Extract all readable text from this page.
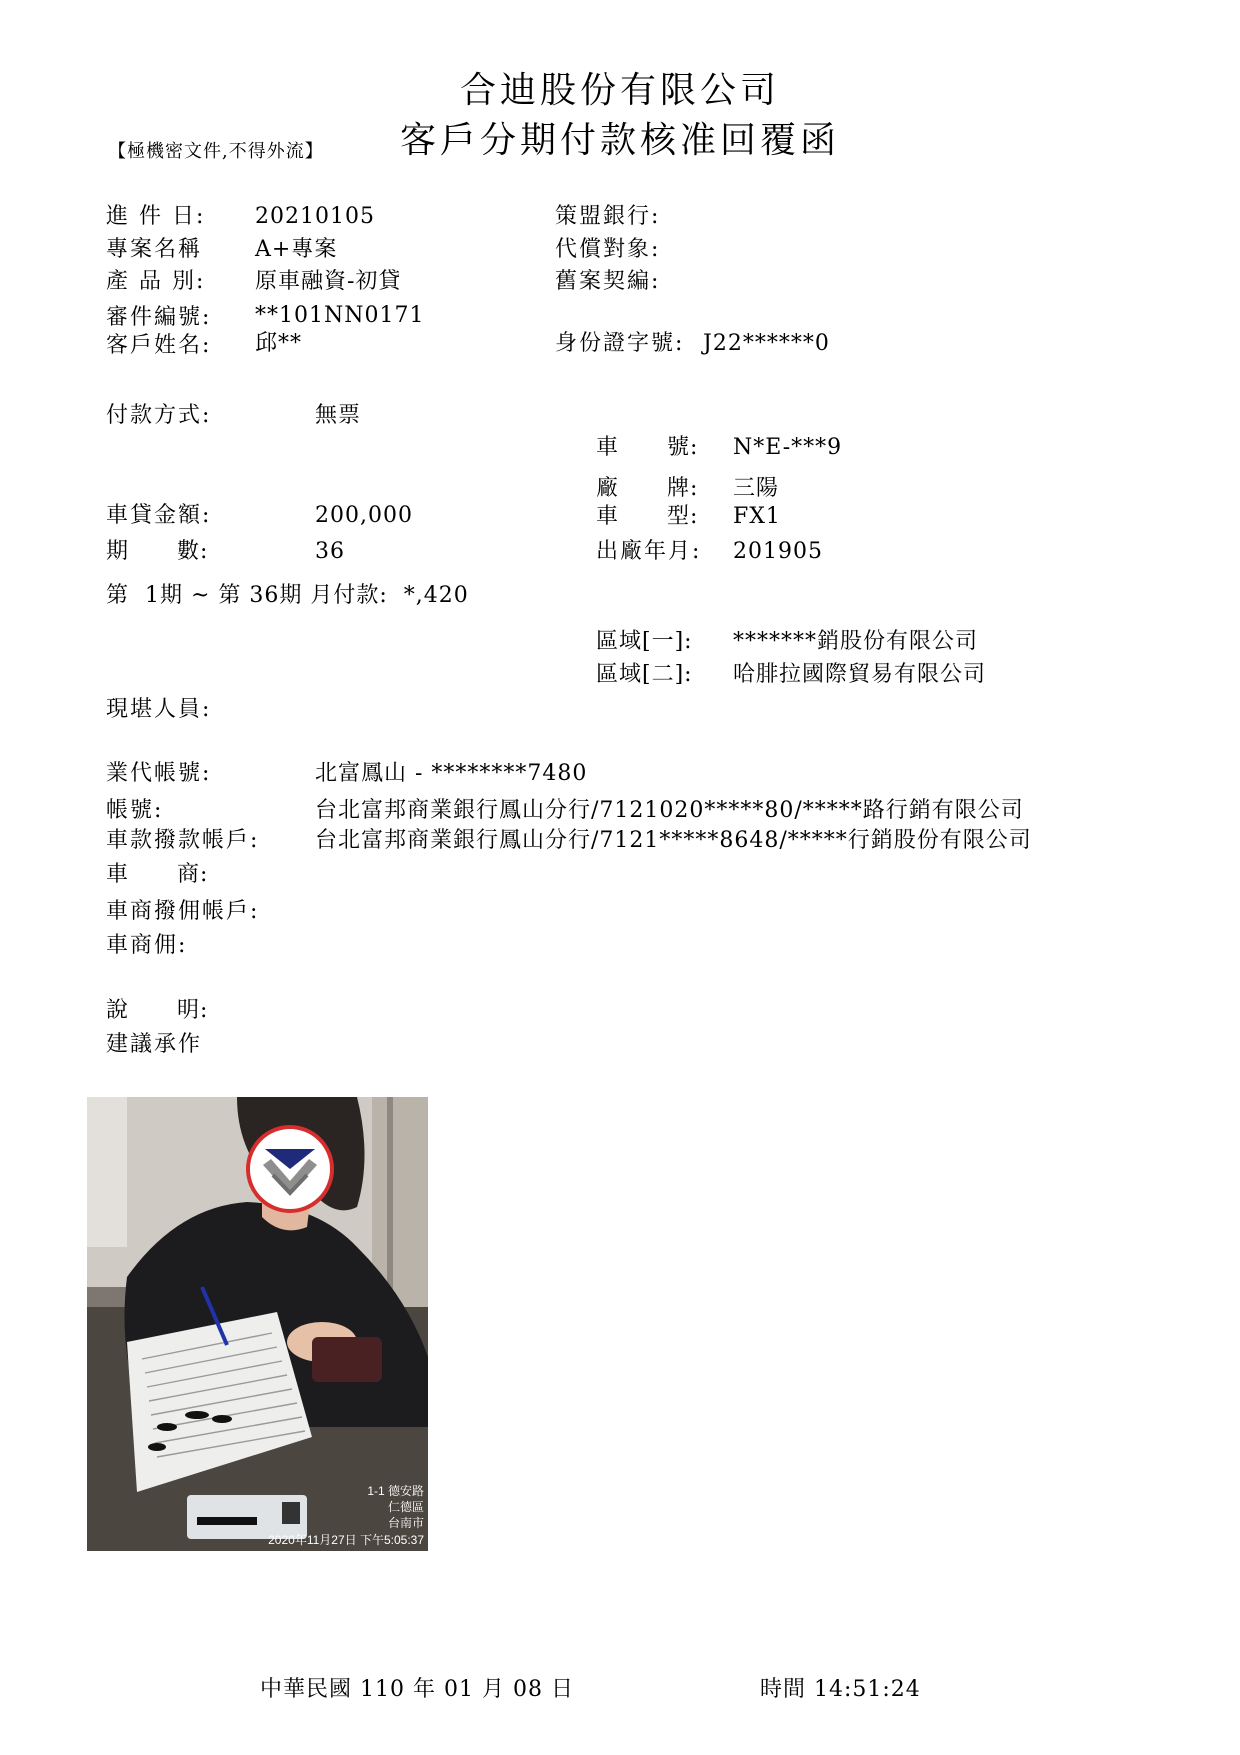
合迪股份有限公司
客戶分期付款核准回覆函
【極機密文件,不得外流】
進 件 日: 20210105
專案名稱 A+專案
產 品 別: 原車融資-初貸
審件編號: **101NN0171
客戶姓名: 邱**
策盟銀行:
代償對象:
舊案契編:
身份證字號: J22******0
付款方式:	無票
車貸金額:	200,000
期      數:	36
第  1期 ~ 第 36期 月付款:  *,420
車      號: N*E-***9
廠      牌: 三陽
車      型: FX1
出廠年月: 201905
區域[一]: *******銷股份有限公司
區域[二]: 哈腓拉國際貿易有限公司
現堪人員:
業代帳號:	北富鳳山 - ********7480
帳號:	台北富邦商業銀行鳳山分行/7121020*****80/*****路行銷有限公司
車款撥款帳戶:	台北富邦商業銀行鳳山分行/7121*****8648/*****行銷股份有限公司
車      商:
車商撥佣帳戶:
車商佣:
說      明:
建議承作
1-1 德安路
仁德區
台南市
2020年11月27日 下午5:05:37
中華民國 110 年 01 月 08 日	時間 14:51:24
